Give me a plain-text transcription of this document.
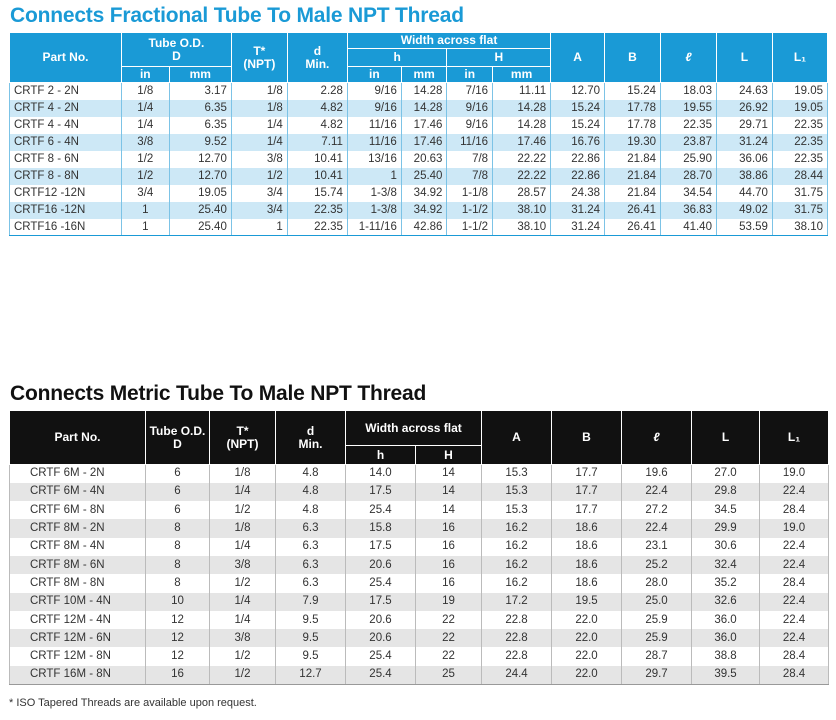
Connects Fractional Tube To Male NPT Thread
Part No.	Tube O.D.
D		T*
(NPT)	d
Min.	Width across flat				A	B	ℓ	L	L₁
					h		H						
	in	mm			in	mm	in	mm					
CRTF 2 - 2N	1/8	3.17	1/8	2.28	9/16	14.28	7/16	11.11	12.70	15.24	18.03	24.63	19.05
CRTF 4 - 2N	1/4	6.35	1/8	4.82	9/16	14.28	9/16	14.28	15.24	17.78	19.55	26.92	19.05
CRTF 4 - 4N	1/4	6.35	1/4	4.82	11/16	17.46	9/16	14.28	15.24	17.78	22.35	29.71	22.35
CRTF 6 - 4N	3/8	9.52	1/4	7.11	11/16	17.46	11/16	17.46	16.76	19.30	23.87	31.24	22.35
CRTF 8 - 6N	1/2	12.70	3/8	10.41	13/16	20.63	7/8	22.22	22.86	21.84	25.90	36.06	22.35
CRTF 8 - 8N	1/2	12.70	1/2	10.41	1	25.40	7/8	22.22	22.86	21.84	28.70	38.86	28.44
CRTF12 -12N	3/4	19.05	3/4	15.74	1-3/8	34.92	1-1/8	28.57	24.38	21.84	34.54	44.70	31.75
CRTF16 -12N	1	25.40	3/4	22.35	1-3/8	34.92	1-1/2	38.10	31.24	26.41	36.83	49.02	31.75
CRTF16 -16N	1	25.40	1	22.35	1-11/16	42.86	1-1/2	38.10	31.24	26.41	41.40	53.59	38.10
Connects Metric Tube To Male NPT Thread
Part No.	Tube O.D.
D	T*
(NPT)	d
Min.	Width across flat		A	B	ℓ	L	L₁
				h	H					
CRTF 6M - 2N	6	1/8	4.8	14.0	14	15.3	17.7	19.6	27.0	19.0
CRTF 6M - 4N	6	1/4	4.8	17.5	14	15.3	17.7	22.4	29.8	22.4
CRTF 6M - 8N	6	1/2	4.8	25.4	14	15.3	17.7	27.2	34.5	28.4
CRTF 8M - 2N	8	1/8	6.3	15.8	16	16.2	18.6	22.4	29.9	19.0
CRTF 8M - 4N	8	1/4	6.3	17.5	16	16.2	18.6	23.1	30.6	22.4
CRTF 8M - 6N	8	3/8	6.3	20.6	16	16.2	18.6	25.2	32.4	22.4
CRTF 8M - 8N	8	1/2	6.3	25.4	16	16.2	18.6	28.0	35.2	28.4
CRTF 10M - 4N	10	1/4	7.9	17.5	19	17.2	19.5	25.0	32.6	22.4
CRTF 12M - 4N	12	1/4	9.5	20.6	22	22.8	22.0	25.9	36.0	22.4
CRTF 12M - 6N	12	3/8	9.5	20.6	22	22.8	22.0	25.9	36.0	22.4
CRTF 12M - 8N	12	1/2	9.5	25.4	22	22.8	22.0	28.7	38.8	28.4
CRTF 16M - 8N	16	1/2	12.7	25.4	25	24.4	22.0	29.7	39.5	28.4
* ISO Tapered Threads are available upon request.
